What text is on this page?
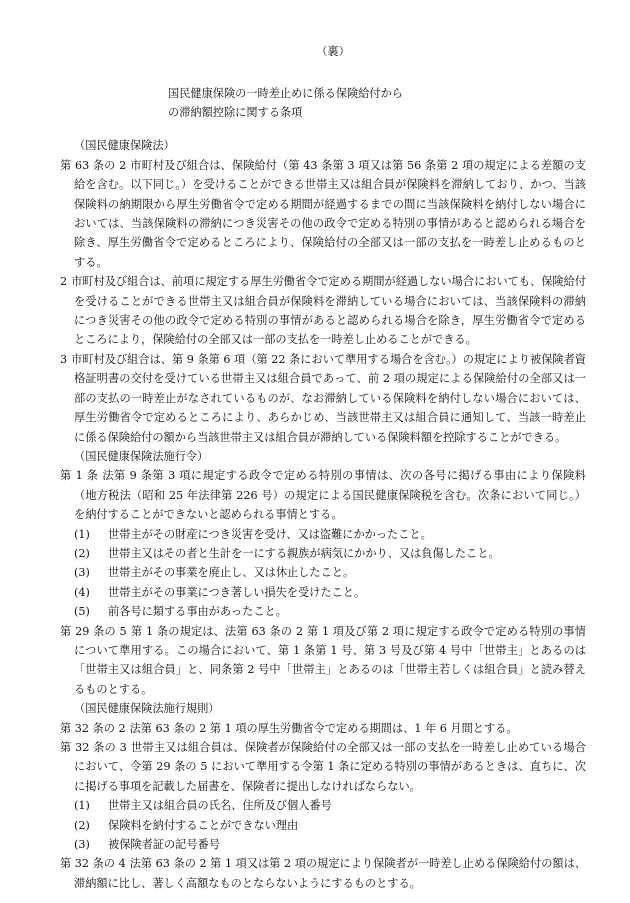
（裏）
国民健康保険の一時差止めに係る保険給付から
の滞納額控除に関する条項
（国民健康保険法）
第 63 条の 2 市町村及び組合は、保険給付（第 43 条第 3 項又は第 56 条第 2 項の規定による差額の支給を含む。以下同じ。）を受けることができる世帯主又は組合員が保険料を滞納しており、かつ、当該保険料の納期限から厚生労働省令で定める期間が経過するまでの間に当該保険料を納付しない場合においては、当該保険料の滞納につき災害その他の政令で定める特別の事情があると認められる場合を除き、厚生労働省令で定めるところにより、保険給付の全部又は一部の支払を一時差し止めるものとする。
2 市町村及び組合は、前項に規定する厚生労働省令で定める期間が経過しない場合においても、保険給付を受けることができる世帯主又は組合員が保険料を滞納している場合においては、当該保険料の滞納につき災害その他の政令で定める特別の事情があると認められる場合を除き，厚生労働省令で定めるところにより，保険給付の全部又は一部の支払を一時差し止めることができる。
3 市町村及び組合は、第 9 条第 6 項（第 22 条において準用する場合を含む。）の規定により被保険者資格証明書の交付を受けている世帯主又は組合員であって、前 2 項の規定による保険給付の全部又は一部の支払の一時差止がなされているものが、なお滞納している保険料を納付しない場合においては、厚生労働省令で定めるところにより、あらかじめ、当該世帯主又は組合員に通知して、当該一時差止に係る保険給付の額から当該世帯主又は組合員が滞納している保険料額を控除することができる。
（国民健康保険法施行令）
第 1 条 法第 9 条第 3 項に規定する政令で定める特別の事情は、次の各号に掲げる事由により保険料（地方税法（昭和 25 年法律第 226 号）の規定による国民健康保険税を含む。次条において同じ。）を納付することができないと認められる事情とする。
(1)	世帯主がその財産につき災害を受け、又は盗難にかかったこと。
(2)	世帯主又はその者と生計を一にする親族が病気にかかり、又は負傷したこと。
(3)	世帯主がその事業を廃止し、又は休止したこと。
(4)	世帯主がその事業につき著しい損失を受けたこと。
(5)	前各号に類する事由があったこと。
第 29 条の 5 第 1 条の規定は、法第 63 条の 2 第 1 項及び第 2 項に規定する政令で定める特別の事情について準用する。この場合において、第 1 条第 1 号、第 3 号及び第 4 号中「世帯主」とあるのは「世帯主又は組合員」と、同条第 2 号中「世帯主」とあるのは「世帯主若しくは組合員」と読み替えるものとする。
（国民健康保険法施行規則）
第 32 条の 2 法第 63 条の 2 第 1 項の厚生労働省令で定める期間は、1 年 6 月間とする。
第 32 条の 3 世帯主又は組合員は、保険者が保険給付の全部又は一部の支払を一時差し止めている場合において、令第 29 条の 5 において準用する令第 1 条に定める特別の事情があるときは、直ちに、次に掲げる事項を記載した届書を、保険者に提出しなければならない。
(1)	世帯主又は組合員の氏名、住所及び個人番号
(2)	保険料を納付することができない理由
(3)	被保険者証の記号番号
第 32 条の 4 法第 63 条の 2 第 1 項又は第 2 項の規定により保険者が一時差し止める保険給付の額は、滞納額に比し、著しく高額なものとならないようにするものとする。
